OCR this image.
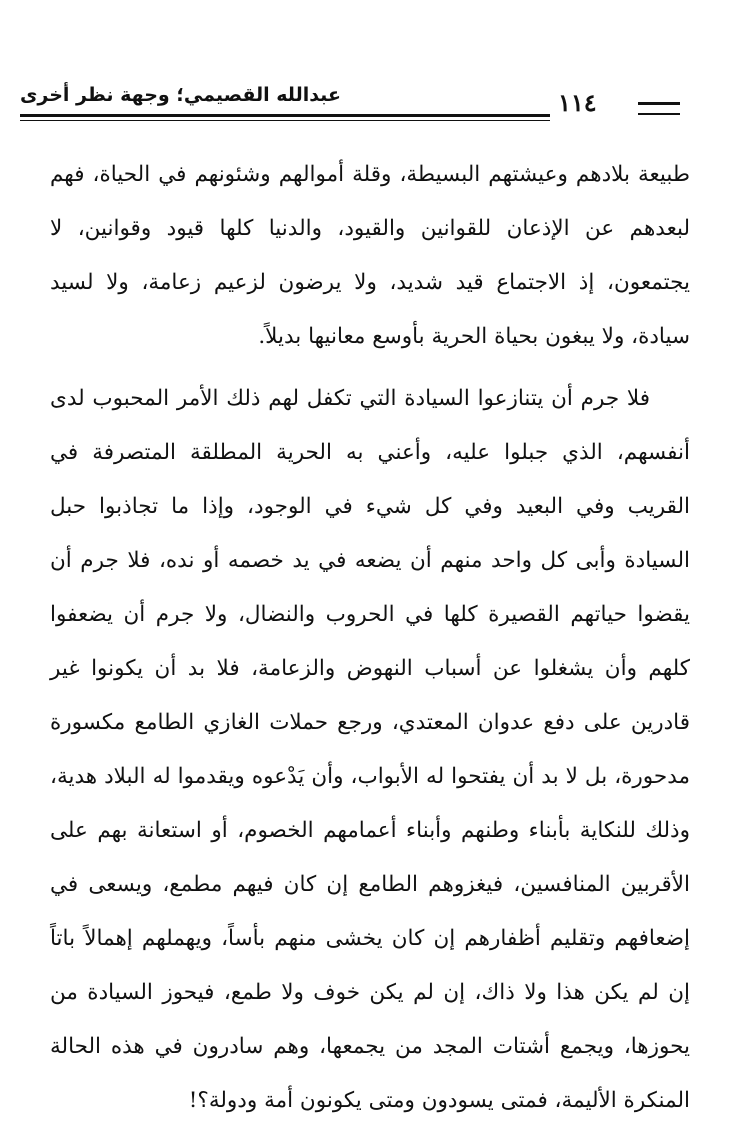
عبدالله القصيمي؛ وجهة نظر أخرى	١١٤

طبيعة بلادهم وعيشتهم البسيطة، وقلة أموالهم وشئونهم في الحياة، فهم لبعدهم عن الإذعان للقوانين والقيود، والدنيا كلها قيود وقوانين، لا يجتمعون، إذ الاجتماع قيد شديد، ولا يرضون لزعيم زعامة، ولا لسيد سيادة، ولا يبغون بحياة الحرية بأوسع معانيها بديلاً.

فلا جرم أن يتنازعوا السيادة التي تكفل لهم ذلك الأمر المحبوب لدى أنفسهم، الذي جبلوا عليه، وأعني به الحرية المطلقة المتصرفة في القريب وفي البعيد وفي كل شيء في الوجود، وإذا ما تجاذبوا حبل السيادة وأبى كل واحد منهم أن يضعه في يد خصمه أو نده، فلا جرم أن يقضوا حياتهم القصيرة كلها في الحروب والنضال، ولا جرم أن يضعفوا كلهم وأن يشغلوا عن أسباب النهوض والزعامة، فلا بد أن يكونوا غير قادرين على دفع عدوان المعتدي، ورجع حملات الغازي الطامع مكسورة مدحورة، بل لا بد أن يفتحوا له الأبواب، وأن يَدْعوه ويقدموا له البلاد هدية، وذلك للنكاية بأبناء وطنهم وأبناء أعمامهم الخصوم، أو استعانة بهم على الأقربين المنافسين، فيغزوهم الطامع إن كان فيهم مطمع، ويسعى في إضعافهم وتقليم أظفارهم إن كان يخشى منهم بأساً، ويهملهم إهمالاً باتاً إن لم يكن هذا ولا ذاك، إن لم يكن خوف ولا طمع، فيحوز السيادة من يحوزها، ويجمع أشتات المجد من يجمعها، وهم سادرون في هذه الحالة المنكرة الأليمة، فمتى يسودون ومتى يكونون أمة ودولة؟!
